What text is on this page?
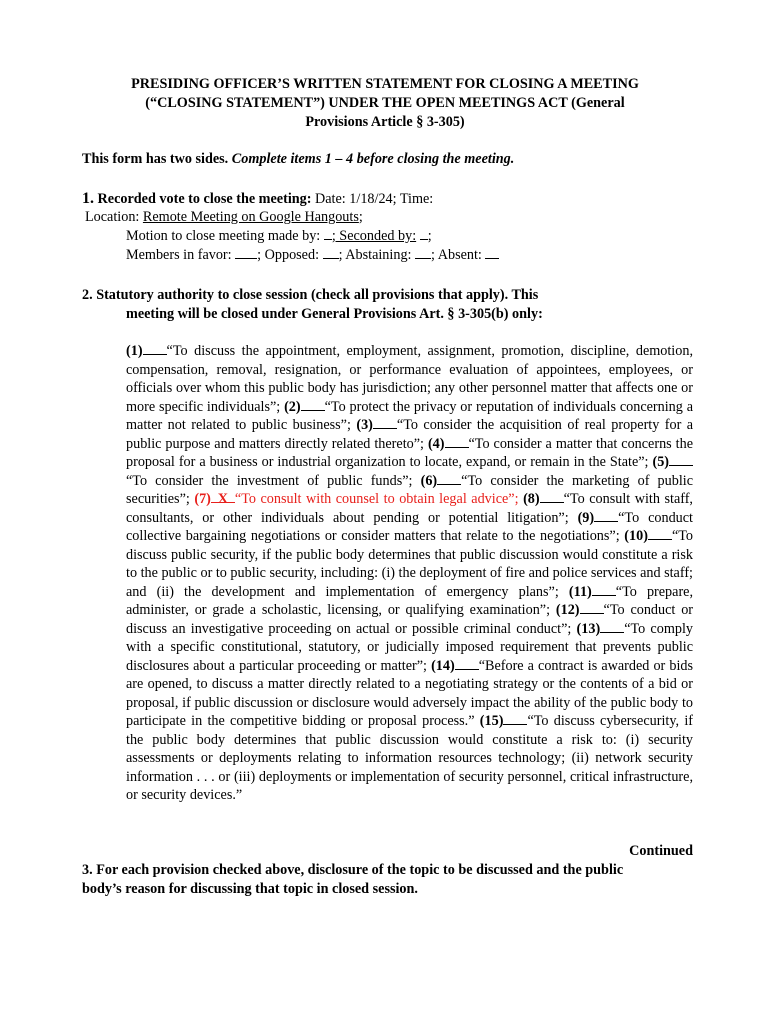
PRESIDING OFFICER’S WRITTEN STATEMENT FOR CLOSING A MEETING
(“CLOSING STATEMENT”) UNDER THE OPEN MEETINGS ACT (General
Provisions Article § 3-305)
This form has two sides. Complete items 1 – 4 before closing the meeting.
1. Recorded vote to close the meeting: Date: 1/18/24; Time:
Location: Remote Meeting on Google Hangouts;
Motion to close meeting made by: ; Seconded by: ;
Members in favor: ; Opposed: ; Abstaining: ; Absent:
2. Statutory authority to close session (check all provisions that apply). This
meeting will be closed under General Provisions Art. § 3-305(b) only:
(1) “To discuss the appointment, employment, assignment, promotion, discipline, demotion, compensation, removal, resignation, or performance evaluation of appointees, employees, or officials over whom this public body has jurisdiction; any other personnel matter that affects one or more specific individuals”; (2) “To protect the privacy or reputation of individuals concerning a matter not related to public business”; (3) “To consider the acquisition of real property for a public purpose and matters directly related thereto”; (4) “To consider a matter that concerns the proposal for a business or industrial organization to locate, expand, or remain in the State”; (5)“To consider the investment of public funds”; (6) “To consider the marketing of public securities”; (7) X “To consult with counsel to obtain legal advice”; (8) “To consult with staff, consultants, or other individuals about pending or potential litigation”; (9) “To conduct collective bargaining negotiations or consider matters that relate to the negotiations”; (10) “To discuss public security, if the public body determines that public discussion would constitute a risk to the public or to public security, including: (i) the deployment of fire and police services and staff; and (ii) the development and implementation of emergency plans”; (11) “To prepare, administer, or grade a scholastic, licensing, or qualifying examination”; (12) “To conduct or discuss an investigative proceeding on actual or possible criminal conduct”; (13) “To comply with a specific constitutional, statutory, or judicially imposed requirement that prevents public disclosures about a particular proceeding or matter”; (14) “Before a contract is awarded or bids are opened, to discuss a matter directly related to a negotiating strategy or the contents of a bid or proposal, if public discussion or disclosure would adversely impact the ability of the public body to participate in the competitive bidding or proposal process.” (15) “To discuss cybersecurity, if the public body determines that public discussion would constitute a risk to: (i) security assessments or deployments relating to information resources technology; (ii) network security information . . . or (iii) deployments or implementation of security personnel, critical infrastructure, or security devices.”
Continued
3. For each provision checked above, disclosure of the topic to be discussed and the public
body’s reason for discussing that topic in closed session.
